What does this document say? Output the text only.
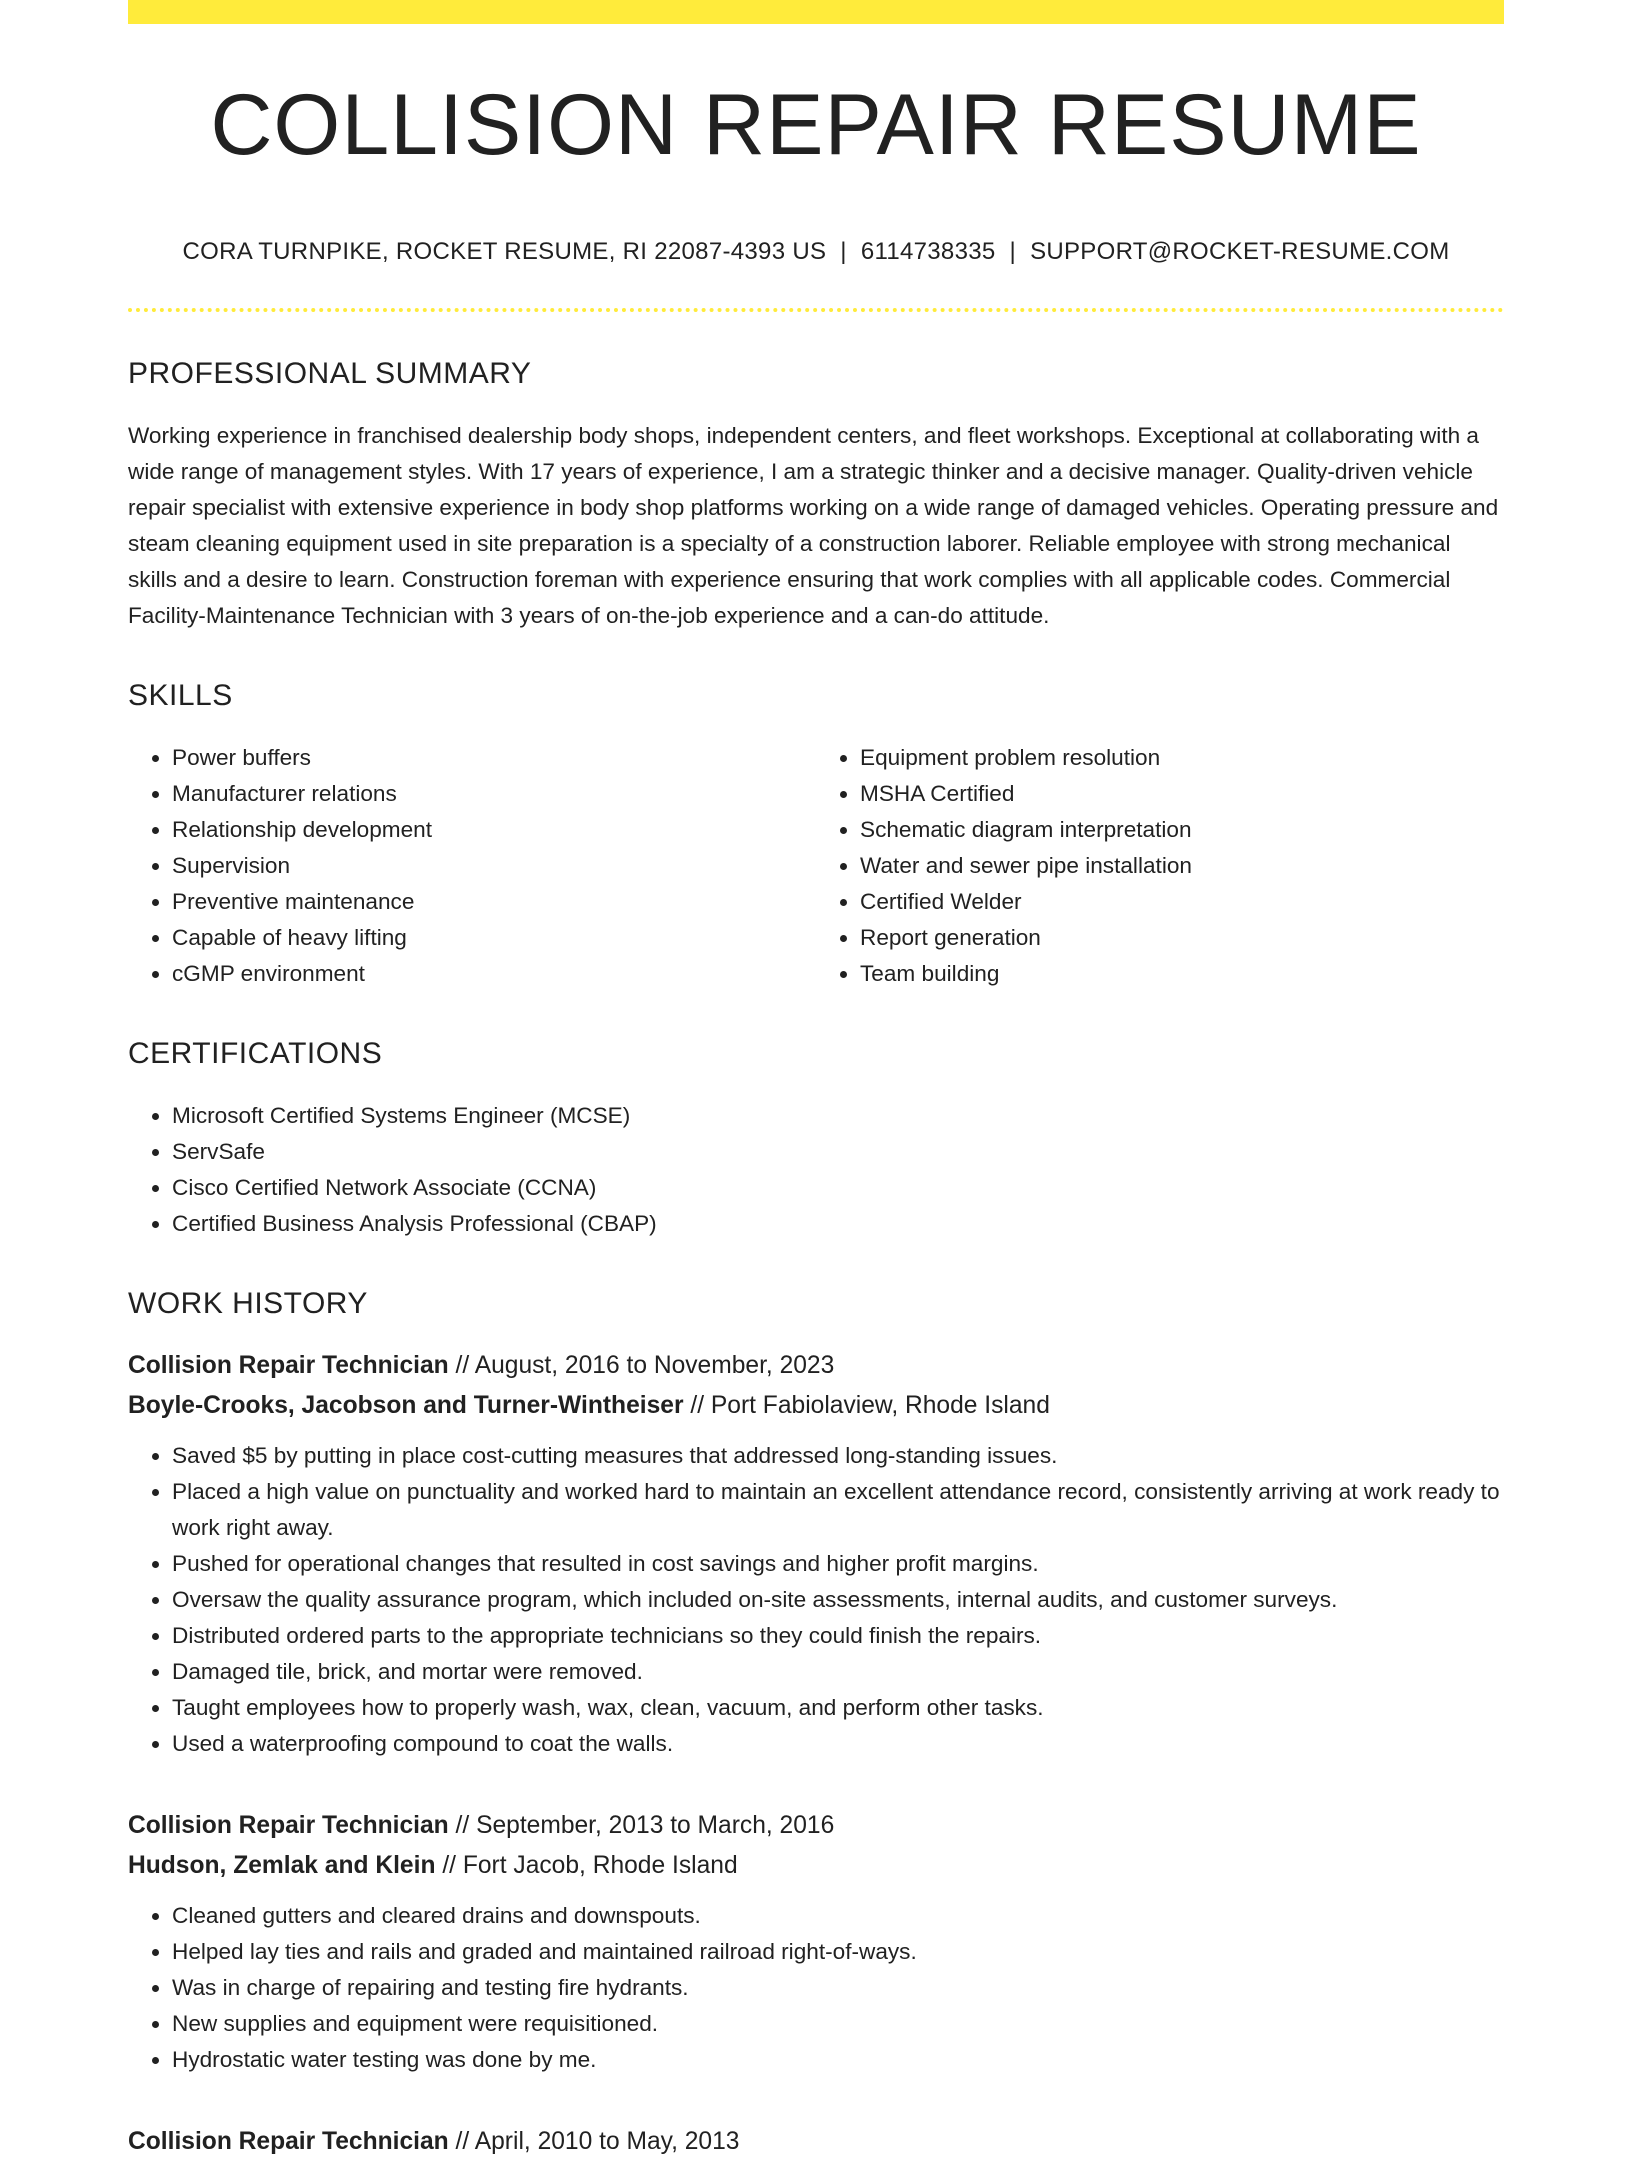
COLLISION REPAIR RESUME
CORA TURNPIKE, ROCKET RESUME, RI 22087-4393 US | 6114738335 | SUPPORT@ROCKET-RESUME.COM
PROFESSIONAL SUMMARY
Working experience in franchised dealership body shops, independent centers, and fleet workshops. Exceptional at collaborating with a wide range of management styles. With 17 years of experience, I am a strategic thinker and a decisive manager. Quality-driven vehicle repair specialist with extensive experience in body shop platforms working on a wide range of damaged vehicles. Operating pressure and steam cleaning equipment used in site preparation is a specialty of a construction laborer. Reliable employee with strong mechanical skills and a desire to learn. Construction foreman with experience ensuring that work complies with all applicable codes. Commercial Facility-Maintenance Technician with 3 years of on-the-job experience and a can-do attitude.
SKILLS
• Power buffers
• Manufacturer relations
• Relationship development
• Supervision
• Preventive maintenance
• Capable of heavy lifting
• cGMP environment
• Equipment problem resolution
• MSHA Certified
• Schematic diagram interpretation
• Water and sewer pipe installation
• Certified Welder
• Report generation
• Team building
CERTIFICATIONS
• Microsoft Certified Systems Engineer (MCSE)
• ServSafe
• Cisco Certified Network Associate (CCNA)
• Certified Business Analysis Professional (CBAP)
WORK HISTORY
Collision Repair Technician // August, 2016 to November, 2023
Boyle-Crooks, Jacobson and Turner-Wintheiser // Port Fabiolaview, Rhode Island
• Saved $5 by putting in place cost-cutting measures that addressed long-standing issues.
• Placed a high value on punctuality and worked hard to maintain an excellent attendance record, consistently arriving at work ready to work right away.
• Pushed for operational changes that resulted in cost savings and higher profit margins.
• Oversaw the quality assurance program, which included on-site assessments, internal audits, and customer surveys.
• Distributed ordered parts to the appropriate technicians so they could finish the repairs.
• Damaged tile, brick, and mortar were removed.
• Taught employees how to properly wash, wax, clean, vacuum, and perform other tasks.
• Used a waterproofing compound to coat the walls.
Collision Repair Technician // September, 2013 to March, 2016
Hudson, Zemlak and Klein // Fort Jacob, Rhode Island
• Cleaned gutters and cleared drains and downspouts.
• Helped lay ties and rails and graded and maintained railroad right-of-ways.
• Was in charge of repairing and testing fire hydrants.
• New supplies and equipment were requisitioned.
• Hydrostatic water testing was done by me.
Collision Repair Technician // April, 2010 to May, 2013
